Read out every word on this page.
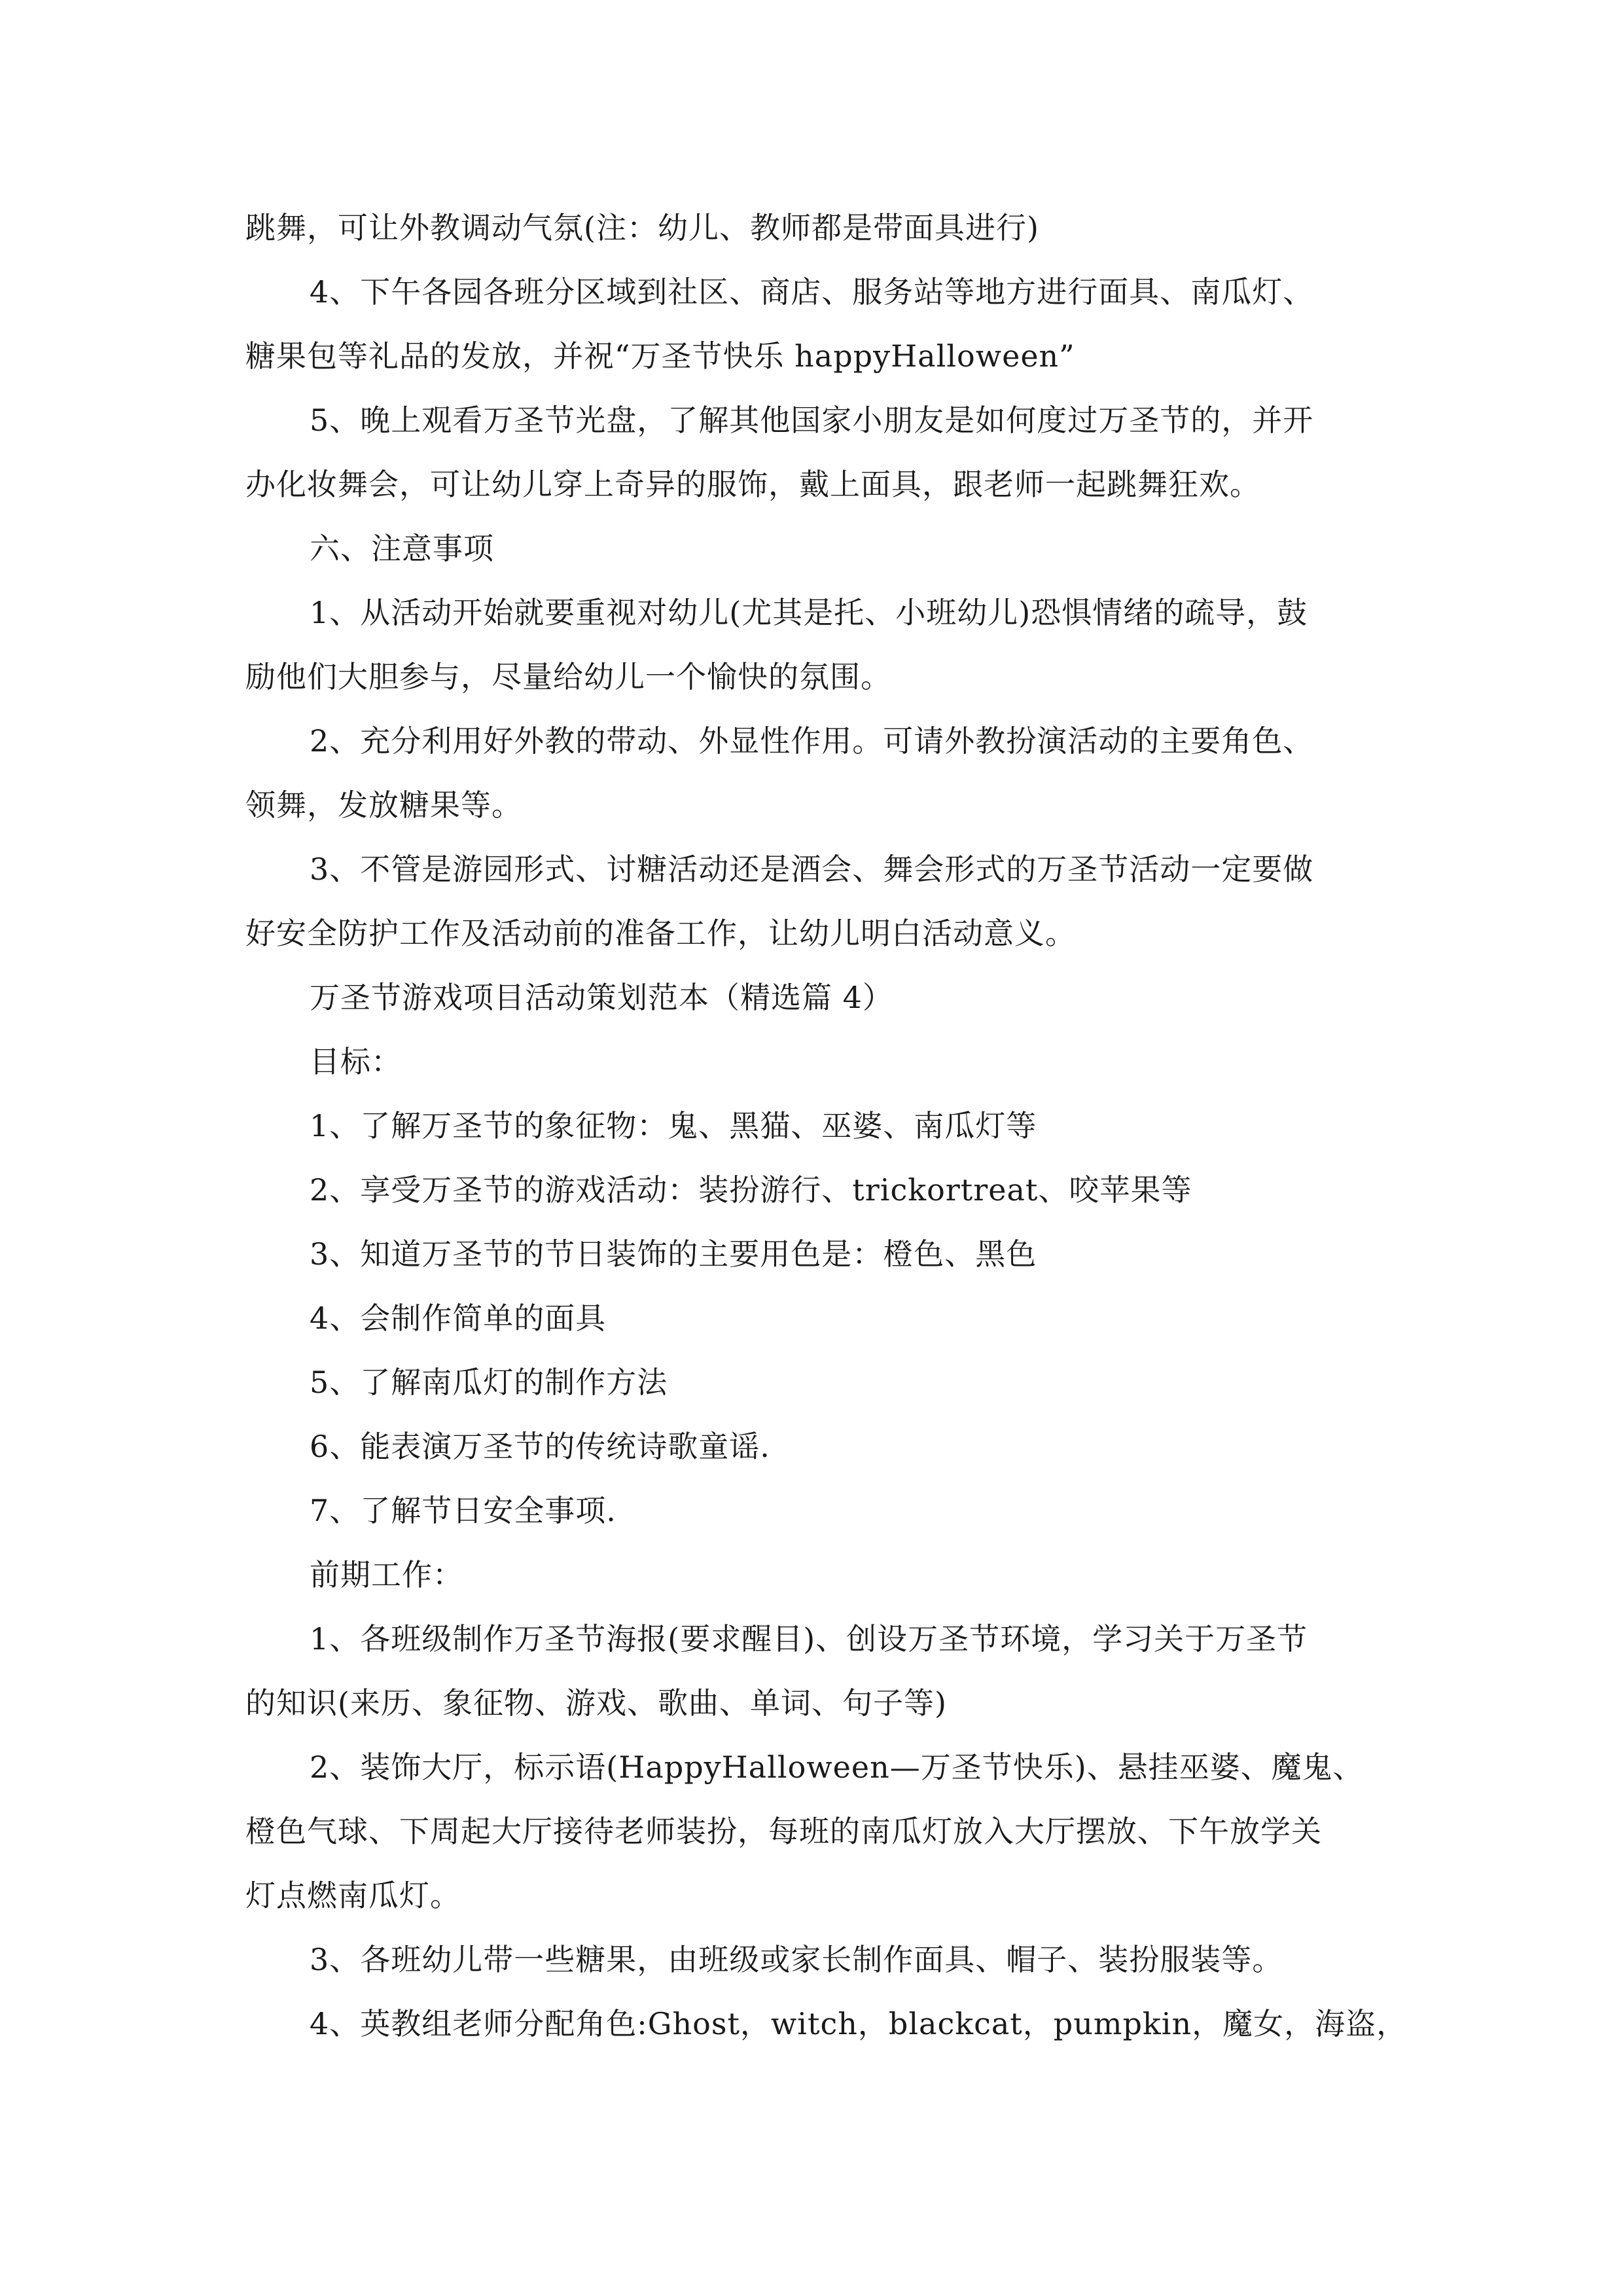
跳舞，可让外教调动气氛(注：幼儿、教师都是带面具进行)
4、下午各园各班分区域到社区、商店、服务站等地方进行面具、南瓜灯、
糖果包等礼品的发放，并祝“万圣节快乐 happyHalloween”
5、晚上观看万圣节光盘，了解其他国家小朋友是如何度过万圣节的，并开
办化妆舞会，可让幼儿穿上奇异的服饰，戴上面具，跟老师一起跳舞狂欢。
六、注意事项
1、从活动开始就要重视对幼儿(尤其是托、小班幼儿)恐惧情绪的疏导，鼓
励他们大胆参与，尽量给幼儿一个愉快的氛围。
2、充分利用好外教的带动、外显性作用。可请外教扮演活动的主要角色、
领舞，发放糖果等。
3、不管是游园形式、讨糖活动还是酒会、舞会形式的万圣节活动一定要做
好安全防护工作及活动前的准备工作，让幼儿明白活动意义。
万圣节游戏项目活动策划范本（精选篇 4）
目标：
1、了解万圣节的象征物：鬼、黑猫、巫婆、南瓜灯等
2、享受万圣节的游戏活动：装扮游行、trickortreat、咬苹果等
3、知道万圣节的节日装饰的主要用色是：橙色、黑色
4、会制作简单的面具
5、了解南瓜灯的制作方法
6、能表演万圣节的传统诗歌童谣.
7、了解节日安全事项.
前期工作：
1、各班级制作万圣节海报(要求醒目)、创设万圣节环境，学习关于万圣节
的知识(来历、象征物、游戏、歌曲、单词、句子等)
2、装饰大厅，标示语(HappyHalloween—万圣节快乐)、悬挂巫婆、魔鬼、
橙色气球、下周起大厅接待老师装扮，每班的南瓜灯放入大厅摆放、下午放学关
灯点燃南瓜灯。
3、各班幼儿带一些糖果，由班级或家长制作面具、帽子、装扮服装等。
4、英教组老师分配角色:Ghost，witch，blackcat，pumpkin，魔女，海盗，
